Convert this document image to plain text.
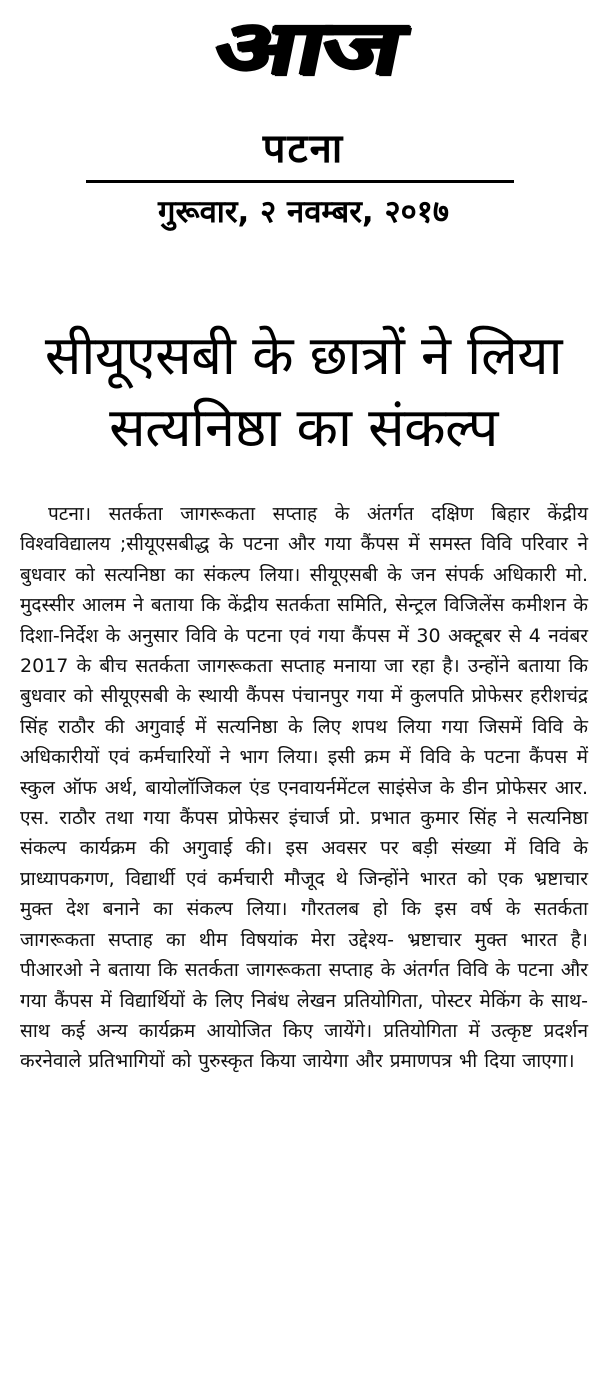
आज
पटना
गुरूवार, २ नवम्बर, २०१७
सीयूएसबी के छात्रों ने लिया
सत्यनिष्ठा का संकल्प

पटना। सतर्कता जागरूकता सप्ताह के अंतर्गत दक्षिण बिहार केंद्रीय विश्वविद्यालय ;सीयूएसबीद्ध के पटना और गया कैंपस में समस्त विवि परिवार ने बुधवार को सत्यनिष्ठा का संकल्प लिया। सीयूएसबी के जन संपर्क अधिकारी मो. मुदस्सीर आलम ने बताया कि केंद्रीय सतर्कता समिति, सेन्ट्रल विजिलेंस कमीशन के दिशा-निर्देश के अनुसार विवि के पटना एवं गया कैंपस में 30 अक्टूबर से 4 नवंबर 2017 के बीच सतर्कता जागरूकता सप्ताह मनाया जा रहा है। उन्होंने बताया कि बुधवार को सीयूएसबी के स्थायी कैंपस पंचानपुर गया में कुलपति प्रोफेसर हरीशचंद्र सिंह राठौर की अगुवाई में सत्यनिष्ठा के लिए शपथ लिया गया जिसमें विवि के अधिकारीयों एवं कर्मचारियों ने भाग लिया। इसी क्रम में विवि के पटना कैंपस में स्कुल ऑफ अर्थ, बायोलॉजिकल एंड एनवायर्नमेंटल साइंसेज के डीन प्रोफेसर आर. एस. राठौर तथा गया कैंपस प्रोफेसर इंचार्ज प्रो. प्रभात कुमार सिंह ने सत्यनिष्ठा संकल्प कार्यक्रम की अगुवाई की। इस अवसर पर बड़ी संख्या में विवि के प्राध्यापकगण, विद्यार्थी एवं कर्मचारी मौजूद थे जिन्होंने भारत को एक भ्रष्टाचार मुक्त देश बनाने का संकल्प लिया। गौरतलब हो कि इस वर्ष के सतर्कता जागरूकता सप्ताह का थीम विषयांक मेरा उद्देश्य- भ्रष्टाचार मुक्त भारत है। पीआरओ ने बताया कि सतर्कता जागरूकता सप्ताह के अंतर्गत विवि के पटना और गया कैंपस में विद्यार्थियों के लिए निबंध लेखन प्रतियोगिता, पोस्टर मेकिंग के साथ-साथ कई अन्य कार्यक्रम आयोजित किए जायेंगे। प्रतियोगिता में उत्कृष्ट प्रदर्शन करनेवाले प्रतिभागियों को पुरुस्कृत किया जायेगा और प्रमाणपत्र भी दिया जाएगा।
